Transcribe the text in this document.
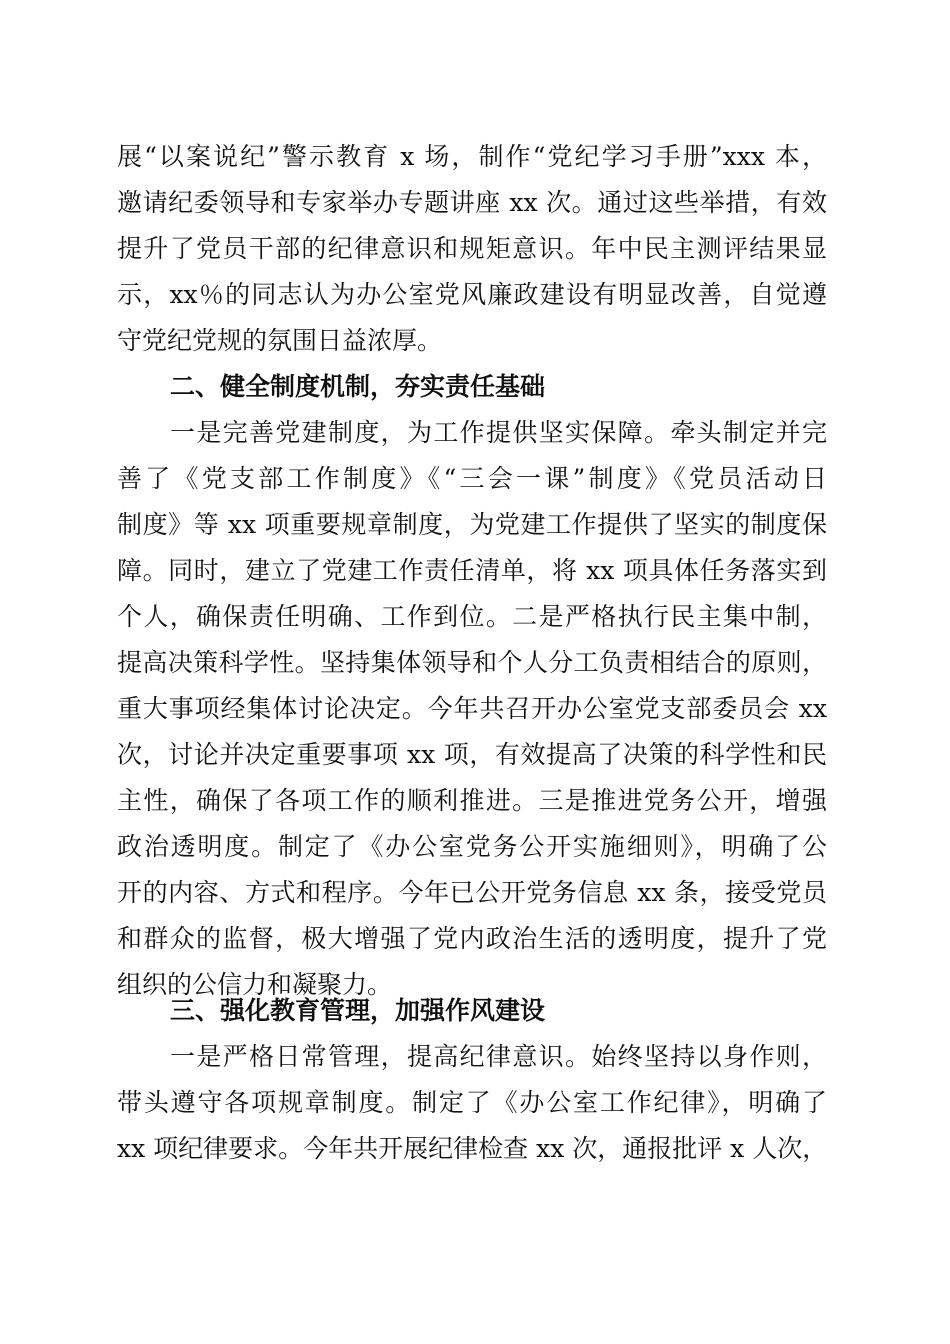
展“以案说纪”警示教育 x 场，制作“党纪学习手册”xxx 本，
邀请纪委领导和专家举办专题讲座 xx 次。通过这些举措，有效
提升了党员干部的纪律意识和规矩意识。年中民主测评结果显
示，xx％的同志认为办公室党风廉政建设有明显改善，自觉遵
守党纪党规的氛围日益浓厚。
二、健全制度机制，夯实责任基础
一是完善党建制度，为工作提供坚实保障。牵头制定并完
善了《党支部工作制度》《“三会一课”制度》《党员活动日
制度》等 xx 项重要规章制度，为党建工作提供了坚实的制度保
障。同时，建立了党建工作责任清单，将 xx 项具体任务落实到
个人，确保责任明确、工作到位。二是严格执行民主集中制，
提高决策科学性。坚持集体领导和个人分工负责相结合的原则，
重大事项经集体讨论决定。今年共召开办公室党支部委员会 xx
次，讨论并决定重要事项 xx 项，有效提高了决策的科学性和民
主性，确保了各项工作的顺利推进。三是推进党务公开，增强
政治透明度。制定了《办公室党务公开实施细则》，明确了公
开的内容、方式和程序。今年已公开党务信息 xx 条，接受党员
和群众的监督，极大增强了党内政治生活的透明度，提升了党
组织的公信力和凝聚力。
三、强化教育管理，加强作风建设
一是严格日常管理，提高纪律意识。始终坚持以身作则，
带头遵守各项规章制度。制定了《办公室工作纪律》，明确了
xx 项纪律要求。今年共开展纪律检查 xx 次，通报批评 x 人次，
